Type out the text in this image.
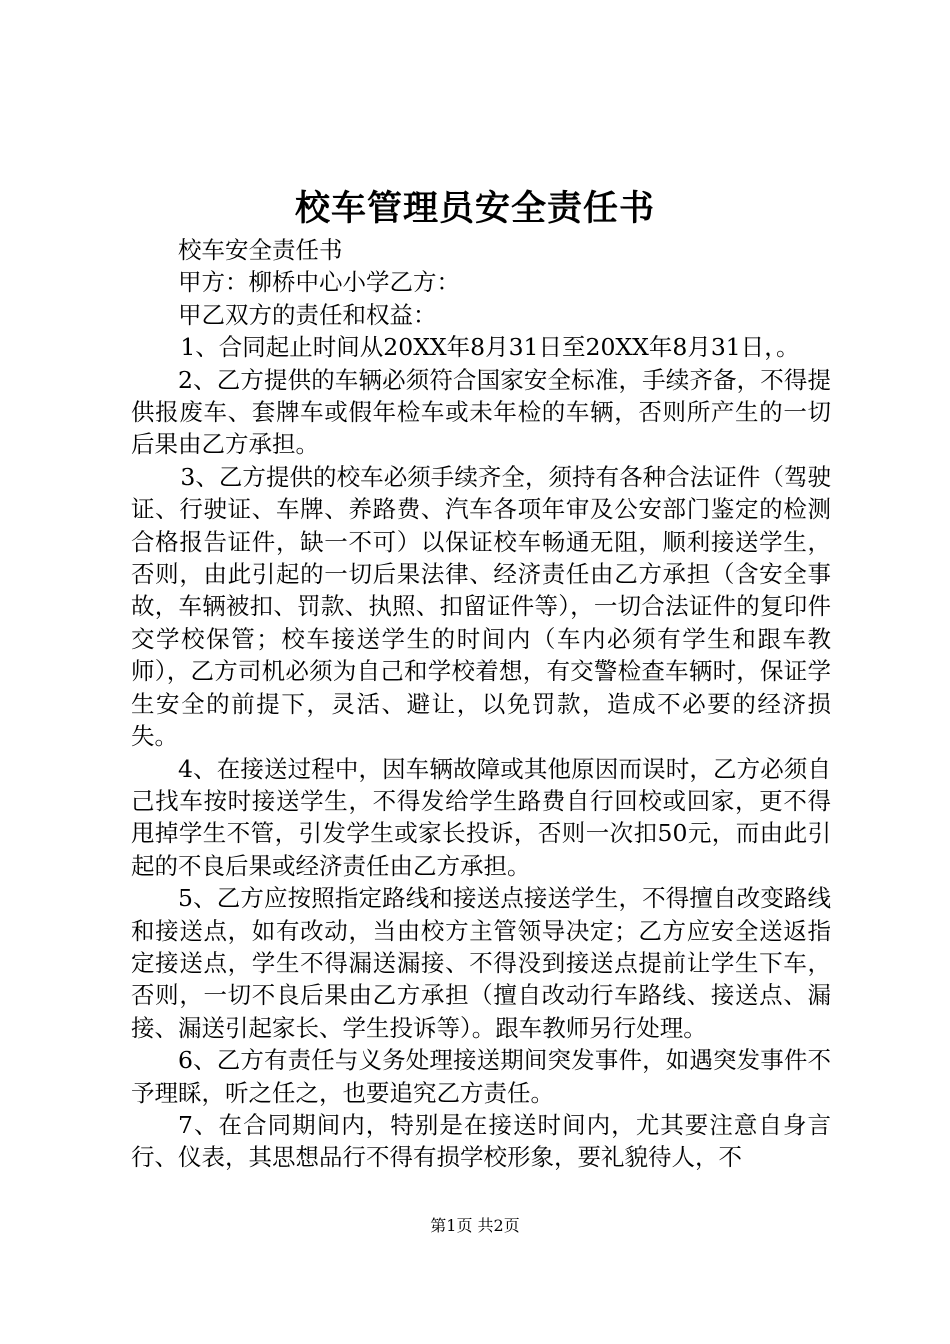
校车管理员安全责任书

校车安全责任书

甲方：柳桥中心小学乙方：

甲乙双方的责任和权益：

1、合同起止时间从20XX年8月31日至20XX年8月31日，。

2、乙方提供的车辆必须符合国家安全标准，手续齐备，不得提供报废车、套牌车或假年检车或未年检的车辆，否则所产生的一切后果由乙方承担。

3、乙方提供的校车必须手续齐全，须持有各种合法证件（驾驶证、行驶证、车牌、养路费、汽车各项年审及公安部门鉴定的检测合格报告证件，缺一不可）以保证校车畅通无阻，顺利接送学生，否则，由此引起的一切后果法律、经济责任由乙方承担（含安全事故，车辆被扣、罚款、执照、扣留证件等），一切合法证件的复印件交学校保管；校车接送学生的时间内（车内必须有学生和跟车教师），乙方司机必须为自己和学校着想，有交警检查车辆时，保证学生安全的前提下，灵活、避让，以免罚款，造成不必要的经济损失。

4、在接送过程中，因车辆故障或其他原因而误时，乙方必须自己找车按时接送学生，不得发给学生路费自行回校或回家，更不得甩掉学生不管，引发学生或家长投诉，否则一次扣50元，而由此引起的不良后果或经济责任由乙方承担。

5、乙方应按照指定路线和接送点接送学生，不得擅自改变路线和接送点，如有改动，当由校方主管领导决定；乙方应安全送返指定接送点，学生不得漏送漏接、不得没到接送点提前让学生下车，否则，一切不良后果由乙方承担（擅自改动行车路线、接送点、漏接、漏送引起家长、学生投诉等）。跟车教师另行处理。

6、乙方有责任与义务处理接送期间突发事件，如遇突发事件不予理睬，听之任之，也要追究乙方责任。

7、在合同期间内，特别是在接送时间内，尤其要注意自身言行、仪表，其思想品行不得有损学校形象，要礼貌待人，不

第1页 共2页
